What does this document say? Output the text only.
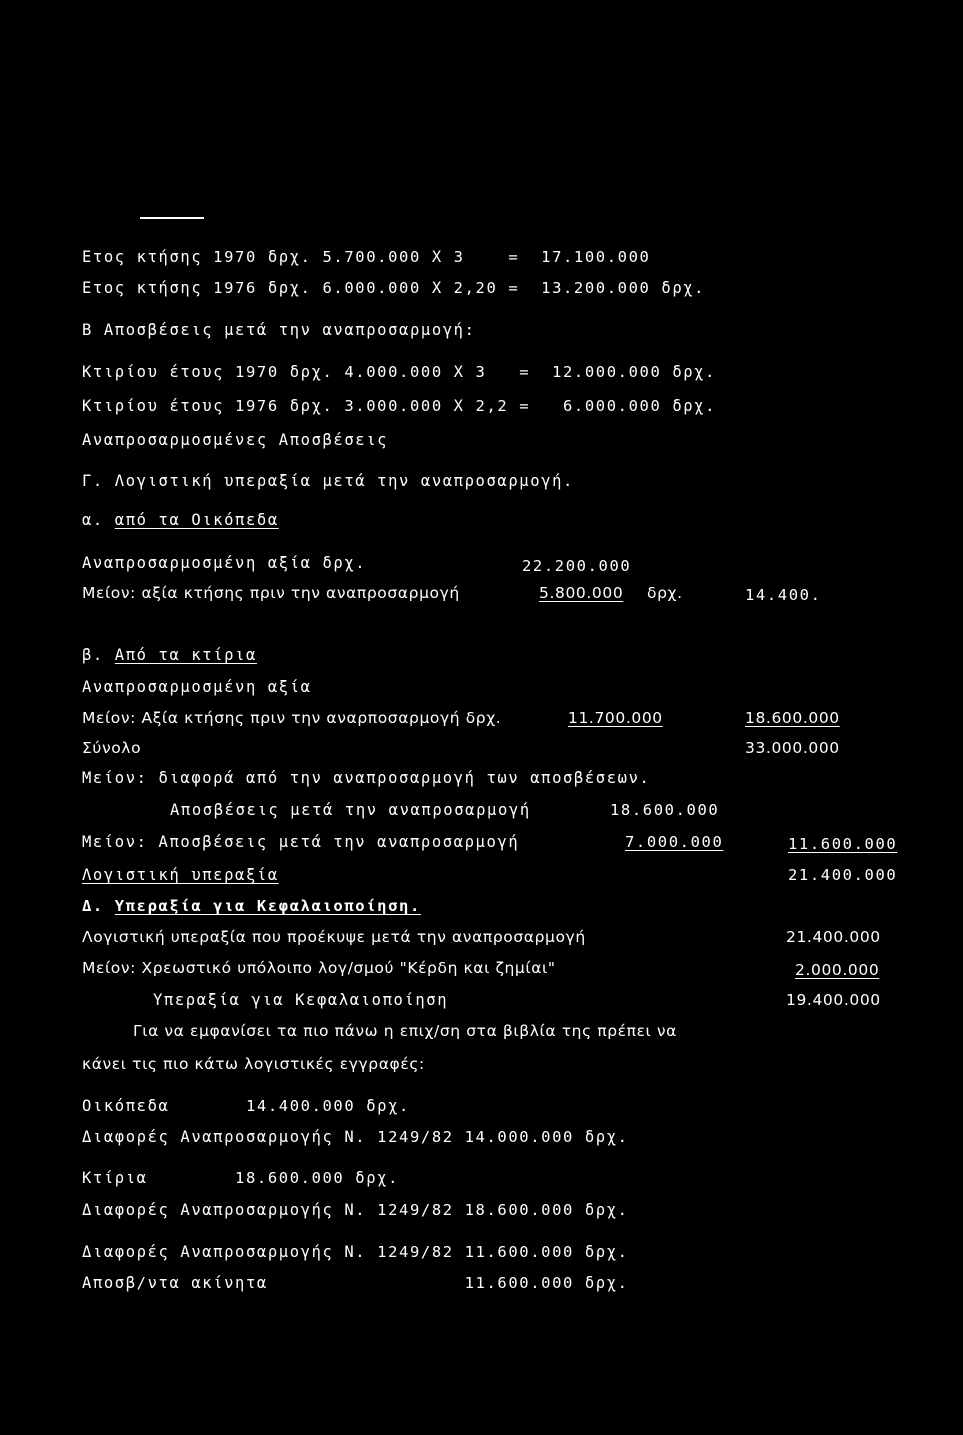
Ετος κτήσης 1970 δρχ. 5.700.000 Χ 3    =  17.100.000
Ετος κτήσης 1976 δρχ. 6.000.000 Χ 2,20 =  13.200.000 δρχ.
Β Αποσβέσεις μετά την αναπροσαρμογή:
Κτιρίου έτους 1970 δρχ. 4.000.000 Χ 3   =  12.000.000 δρχ.
Κτιρίου έτους 1976 δρχ. 3.000.000 Χ 2,2 =   6.000.000 δρχ.
Αναπροσαρμοσμένες Αποσβέσεις
Γ. Λογιστική υπεραξία μετά την αναπροσαρμογή.
α. από τα Οικόπεδα
Αναπροσαρμοσμένη αξία δρχ.	22.200.000
Μείον: αξία κτήσης πριν την αναπροσαρμογή	5.800.000 δρχ.	14.400.
β. Από τα κτίρια
Αναπροσαρμοσμένη αξία
Μείον: Αξία κτήσης πριν την αναρποσαρμογή δρχ.	11.700.000	18.600.000
Σύνολο	33.000.000
Μείον: διαφορά από την αναπροσαρμογή των αποσβέσεων.
Αποσβέσεις μετά την αναπροσαρμογή	18.600.000
Μείον: Αποσβέσεις μετά την αναπροσαρμογή	7.000.000	11.600.000
Λογιστική υπεραξία	21.400.000
Δ. Υπεραξία για Κεφαλαιοποίηση.
Λογιστική υπεραξία που προέκυψε μετά την αναπροσαρμογή	21.400.000
Μείον: Χρεωστικό υπόλοιπο λογ/σμού "Κέρδη και ζημίαι"	2.000.000
Υπεραξία για Κεφαλαιοποίηση	19.400.000
Για να εμφανίσει τα πιο πάνω η επιχ/ση στα βιβλία της πρέπει να
κάνει τις πιο κάτω λογιστικές εγγραφές:
Οικόπεδα       14.400.000 δρχ.
Διαφορές Αναπροσαρμογής Ν. 1249/82 14.000.000 δρχ.
Κτίρια        18.600.000 δρχ.
Διαφορές Αναπροσαρμογής Ν. 1249/82 18.600.000 δρχ.
Διαφορές Αναπροσαρμογής Ν. 1249/82 11.600.000 δρχ.
Αποσβ/ντα ακίνητα                  11.600.000 δρχ.
